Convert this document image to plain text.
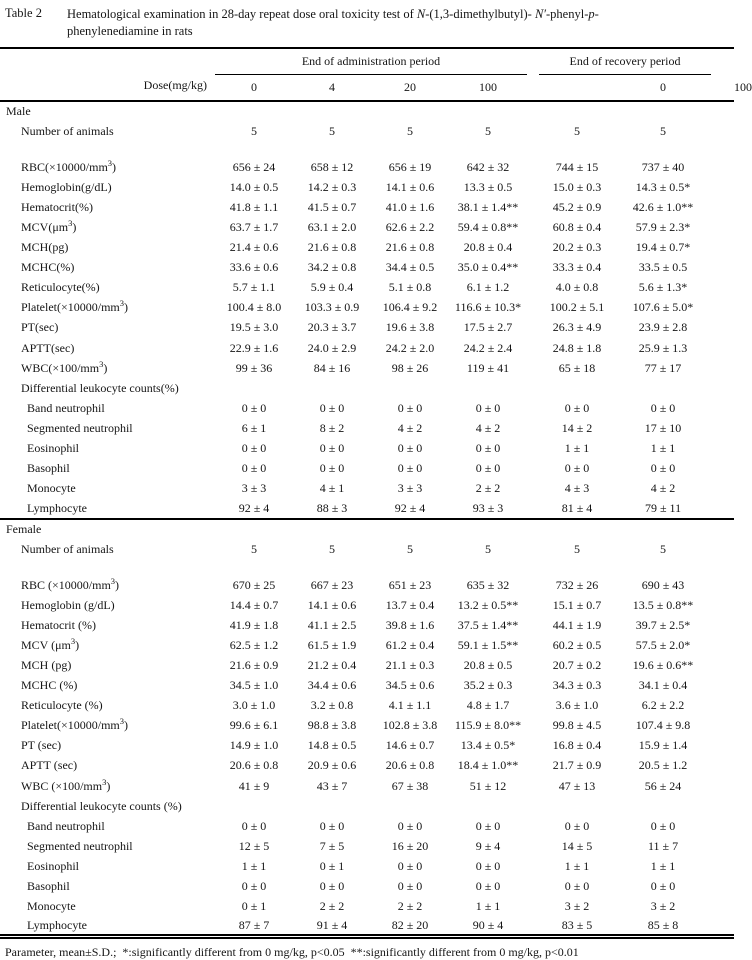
Table 2	Hematological examination in 28-day repeat dose oral toxicity test of N-(1,3-dimethylbutyl)- N′-phenyl-p-
phenylenediamine in rats
Dose(mg/kg)	End of administration period					End of recovery period			
	0	4	20	100			0		100	
Male									
Number of animals	5	5	5	5		5	5		

$RBC(\times 10000/mm^3)$	656 ± 24	658 ± 12	656 ± 19	642 ± 32		744 ± 15	737 ± 40		
Hemoglobin(g/dL)	14.0 ± 0.5	14.2 ± 0.3	14.1 ± 0.6	13.3 ± 0.5		15.0 ± 0.3	14.3 ± 0.5*		
Hematocrit(%)	41.8 ± 1.1	41.5 ± 0.7	41.0 ± 1.6	38.1 ± 1.4**		45.2 ± 0.9	42.6 ± 1.0**		
$MCV(\mu m^3)$	63.7 ± 1.7	63.1 ± 2.0	62.6 ± 2.2	59.4 ± 0.8**		60.8 ± 0.4	57.9 ± 2.3*		
MCH(pg)	21.4 ± 0.6	21.6 ± 0.8	21.6 ± 0.8	20.8 ± 0.4		20.2 ± 0.3	19.4 ± 0.7*		
MCHC(%)	33.6 ± 0.6	34.2 ± 0.8	34.4 ± 0.5	35.0 ± 0.4**		33.3 ± 0.4	33.5 ± 0.5		
Reticulocyte(%)	5.7 ± 1.1	5.9 ± 0.4	5.1 ± 0.8	6.1 ± 1.2		4.0 ± 0.8	5.6 ± 1.3*		
$Platelet(\times 10000/mm^3)$	100.4 ± 8.0	103.3 ± 0.9	106.4 ± 9.2	116.6 ± 10.3*		100.2 ± 5.1	107.6 ± 5.0*		
PT(sec)	19.5 ± 3.0	20.3 ± 3.7	19.6 ± 3.8	17.5 ± 2.7		26.3 ± 4.9	23.9 ± 2.8		
APTT(sec)	22.9 ± 1.6	24.0 ± 2.9	24.2 ± 2.0	24.2 ± 2.4		24.8 ± 1.8	25.9 ± 1.3		
$WBC(\times 100/mm^3)$	99 ± 36	84 ± 16	98 ± 26	119 ± 41		65 ± 18	77 ± 17		
Differential leukocyte counts(%)									
Band neutrophil	0 ± 0	0 ± 0	0 ± 0	0 ± 0		0 ± 0	0 ± 0		
Segmented neutrophil	6 ± 1	8 ± 2	4 ± 2	4 ± 2		14 ± 2	17 ± 10		
Eosinophil	0 ± 0	0 ± 0	0 ± 0	0 ± 0		1 ± 1	1 ± 1		
Basophil	0 ± 0	0 ± 0	0 ± 0	0 ± 0		0 ± 0	0 ± 0		
Monocyte	3 ± 3	4 ± 1	3 ± 3	2 ± 2		4 ± 3	4 ± 2		
Lymphocyte	92 ± 4	88 ± 3	92 ± 4	93 ± 3		81 ± 4	79 ± 11		
Female									
Number of animals	5	5	5	5		5	5		

RBC $(\times 10000/mm^3)$	670 ± 25	667 ± 23	651 ± 23	635 ± 32		732 ± 26	690 ± 43		
Hemoglobin (g/dL)	14.4 ± 0.7	14.1 ± 0.6	13.7 ± 0.4	13.2 ± 0.5**		15.1 ± 0.7	13.5 ± 0.8**		
Hematocrit (%)	41.9 ± 1.8	41.1 ± 2.5	39.8 ± 1.6	37.5 ± 1.4**		44.1 ± 1.9	39.7 ± 2.5*		
MCV $(\mu m^3)$	62.5 ± 1.2	61.5 ± 1.9	61.2 ± 0.4	59.1 ± 1.5**		60.2 ± 0.5	57.5 ± 2.0*		
MCH (pg)	21.6 ± 0.9	21.2 ± 0.4	21.1 ± 0.3	20.8 ± 0.5		20.7 ± 0.2	19.6 ± 0.6**		
MCHC (%)	34.5 ± 1.0	34.4 ± 0.6	34.5 ± 0.6	35.2 ± 0.3		34.3 ± 0.3	34.1 ± 0.4		
Reticulocyte (%)	3.0 ± 1.0	3.2 ± 0.8	4.1 ± 1.1	4.8 ± 1.7		3.6 ± 1.0	6.2 ± 2.2		
$Platelet(\times 10000/mm^3)$	99.6 ± 6.1	98.8 ± 3.8	102.8 ± 3.8	115.9 ± 8.0**		99.8 ± 4.5	107.4 ± 9.8		
PT (sec)	14.9 ± 1.0	14.8 ± 0.5	14.6 ± 0.7	13.4 ± 0.5*		16.8 ± 0.4	15.9 ± 1.4		
APTT (sec)	20.6 ± 0.8	20.9 ± 0.6	20.6 ± 0.8	18.4 ± 1.0**		21.7 ± 0.9	20.5 ± 1.2		
WBC $(\times 100/mm^3)$	41 ± 9	43 ± 7	67 ± 38	51 ± 12		47 ± 13	56 ± 24		
Differential leukocyte counts (%)									
Band neutrophil	0 ± 0	0 ± 0	0 ± 0	0 ± 0		0 ± 0	0 ± 0		
Segmented neutrophil	12 ± 5	7 ± 5	16 ± 20	9 ± 4		14 ± 5	11 ± 7		
Eosinophil	1 ± 1	0 ± 1	0 ± 0	0 ± 0		1 ± 1	1 ± 1		
Basophil	0 ± 0	0 ± 0	0 ± 0	0 ± 0		0 ± 0	0 ± 0		
Monocyte	0 ± 1	2 ± 2	2 ± 2	1 ± 1		3 ± 2	3 ± 2		
Lymphocyte	87 ± 7	91 ± 4	82 ± 20	90 ± 4		83 ± 5	85 ± 8		
Parameter, mean±S.D.;  *:significantly different from 0 mg/kg, p<0.05  **:significantly different from 0 mg/kg, p<0.01
